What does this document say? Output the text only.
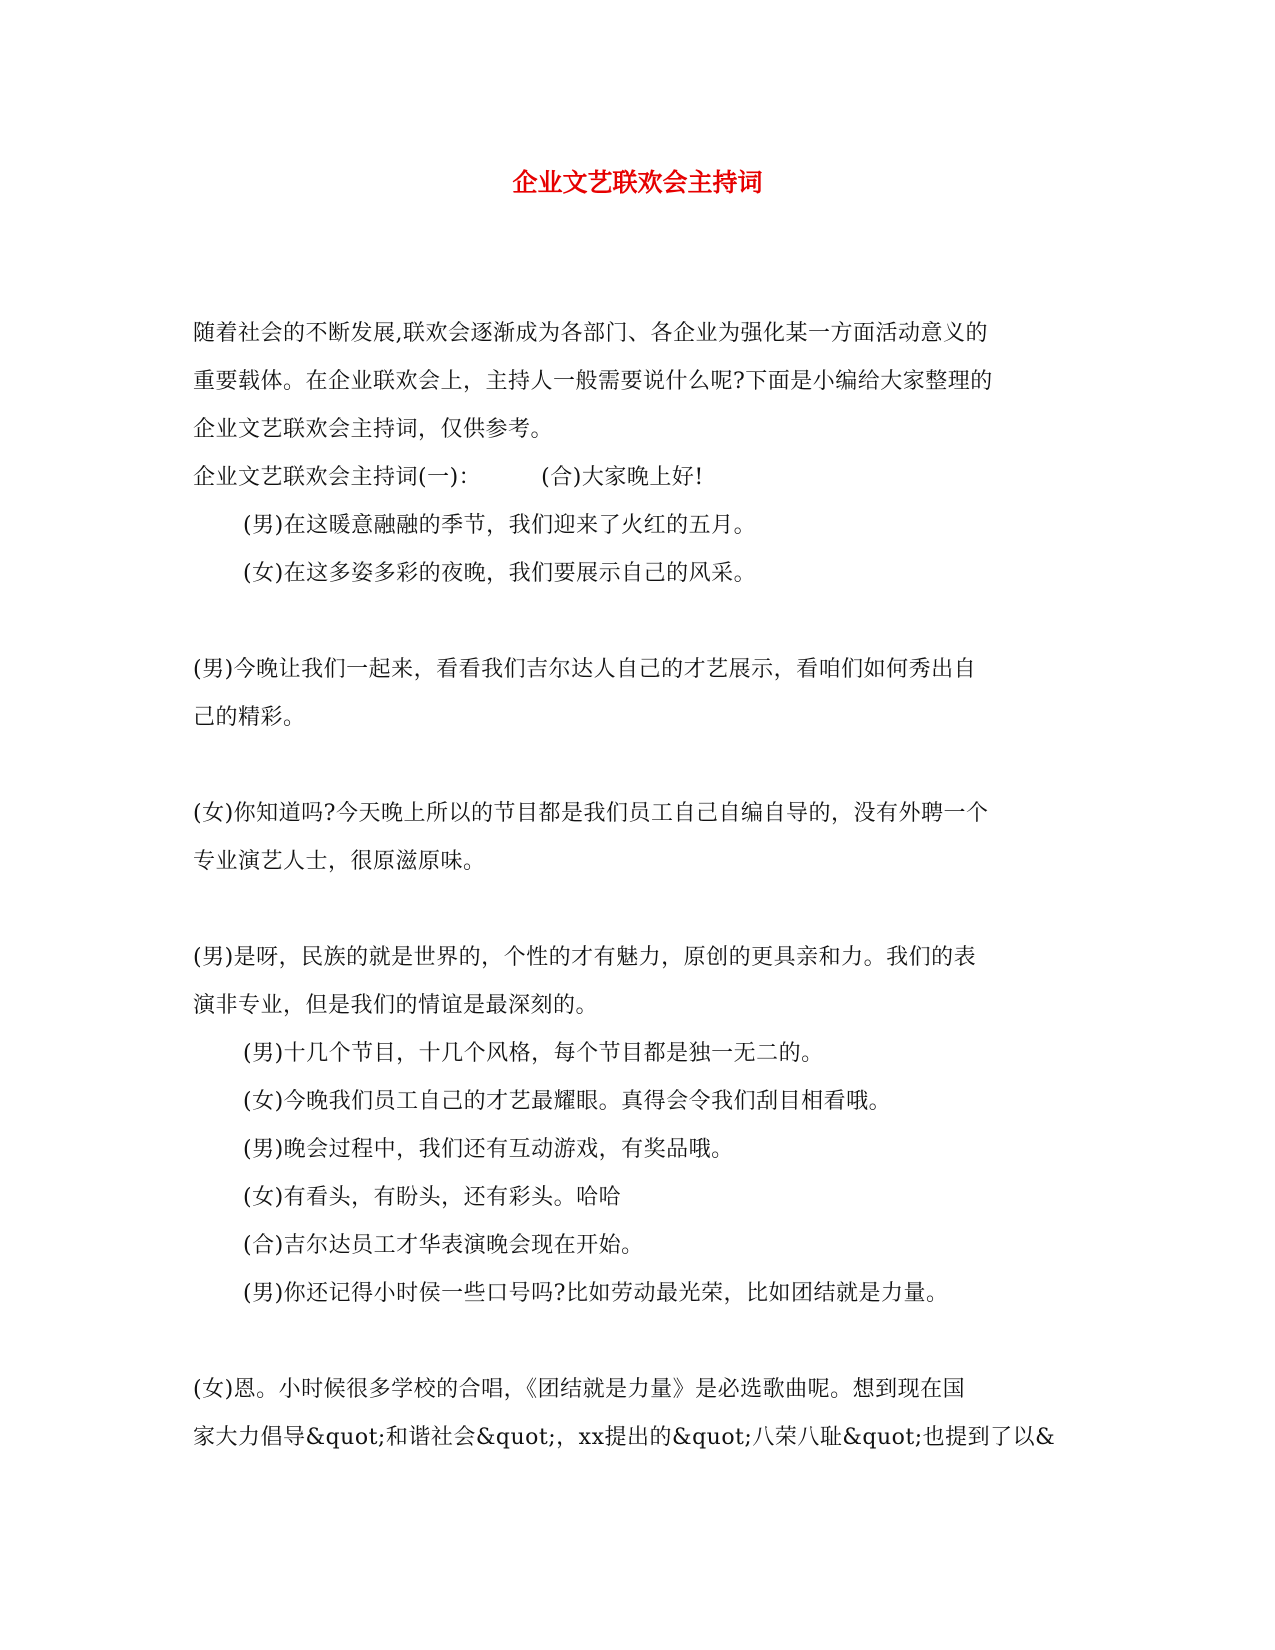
企业文艺联欢会主持词

随着社会的不断发展,联欢会逐渐成为各部门、各企业为强化某一方面活动意义的

重要载体。在企业联欢会上，主持人一般需要说什么呢?下面是小编给大家整理的

企业文艺联欢会主持词，仅供参考。

企业文艺联欢会主持词(一)：	(合)大家晚上好!

(男)在这暖意融融的季节，我们迎来了火红的五月。

(女)在这多姿多彩的夜晚，我们要展示自己的风采。

(男)今晚让我们一起来，看看我们吉尔达人自己的才艺展示，看咱们如何秀出自

己的精彩。

(女)你知道吗?今天晚上所以的节目都是我们员工自己自编自导的，没有外聘一个

专业演艺人士，很原滋原味。

(男)是呀，民族的就是世界的，个性的才有魅力，原创的更具亲和力。我们的表

演非专业，但是我们的情谊是最深刻的。

(男)十几个节目，十几个风格，每个节目都是独一无二的。

(女)今晚我们员工自己的才艺最耀眼。真得会令我们刮目相看哦。

(男)晚会过程中，我们还有互动游戏，有奖品哦。

(女)有看头，有盼头，还有彩头。哈哈

(合)吉尔达员工才华表演晚会现在开始。

(男)你还记得小时侯一些口号吗?比如劳动最光荣，比如团结就是力量。

(女)恩。小时候很多学校的合唱，《团结就是力量》是必选歌曲呢。想到现在国

家大力倡导&quot;和谐社会&quot;，xx提出的&quot;八荣八耻&quot;也提到了以&
